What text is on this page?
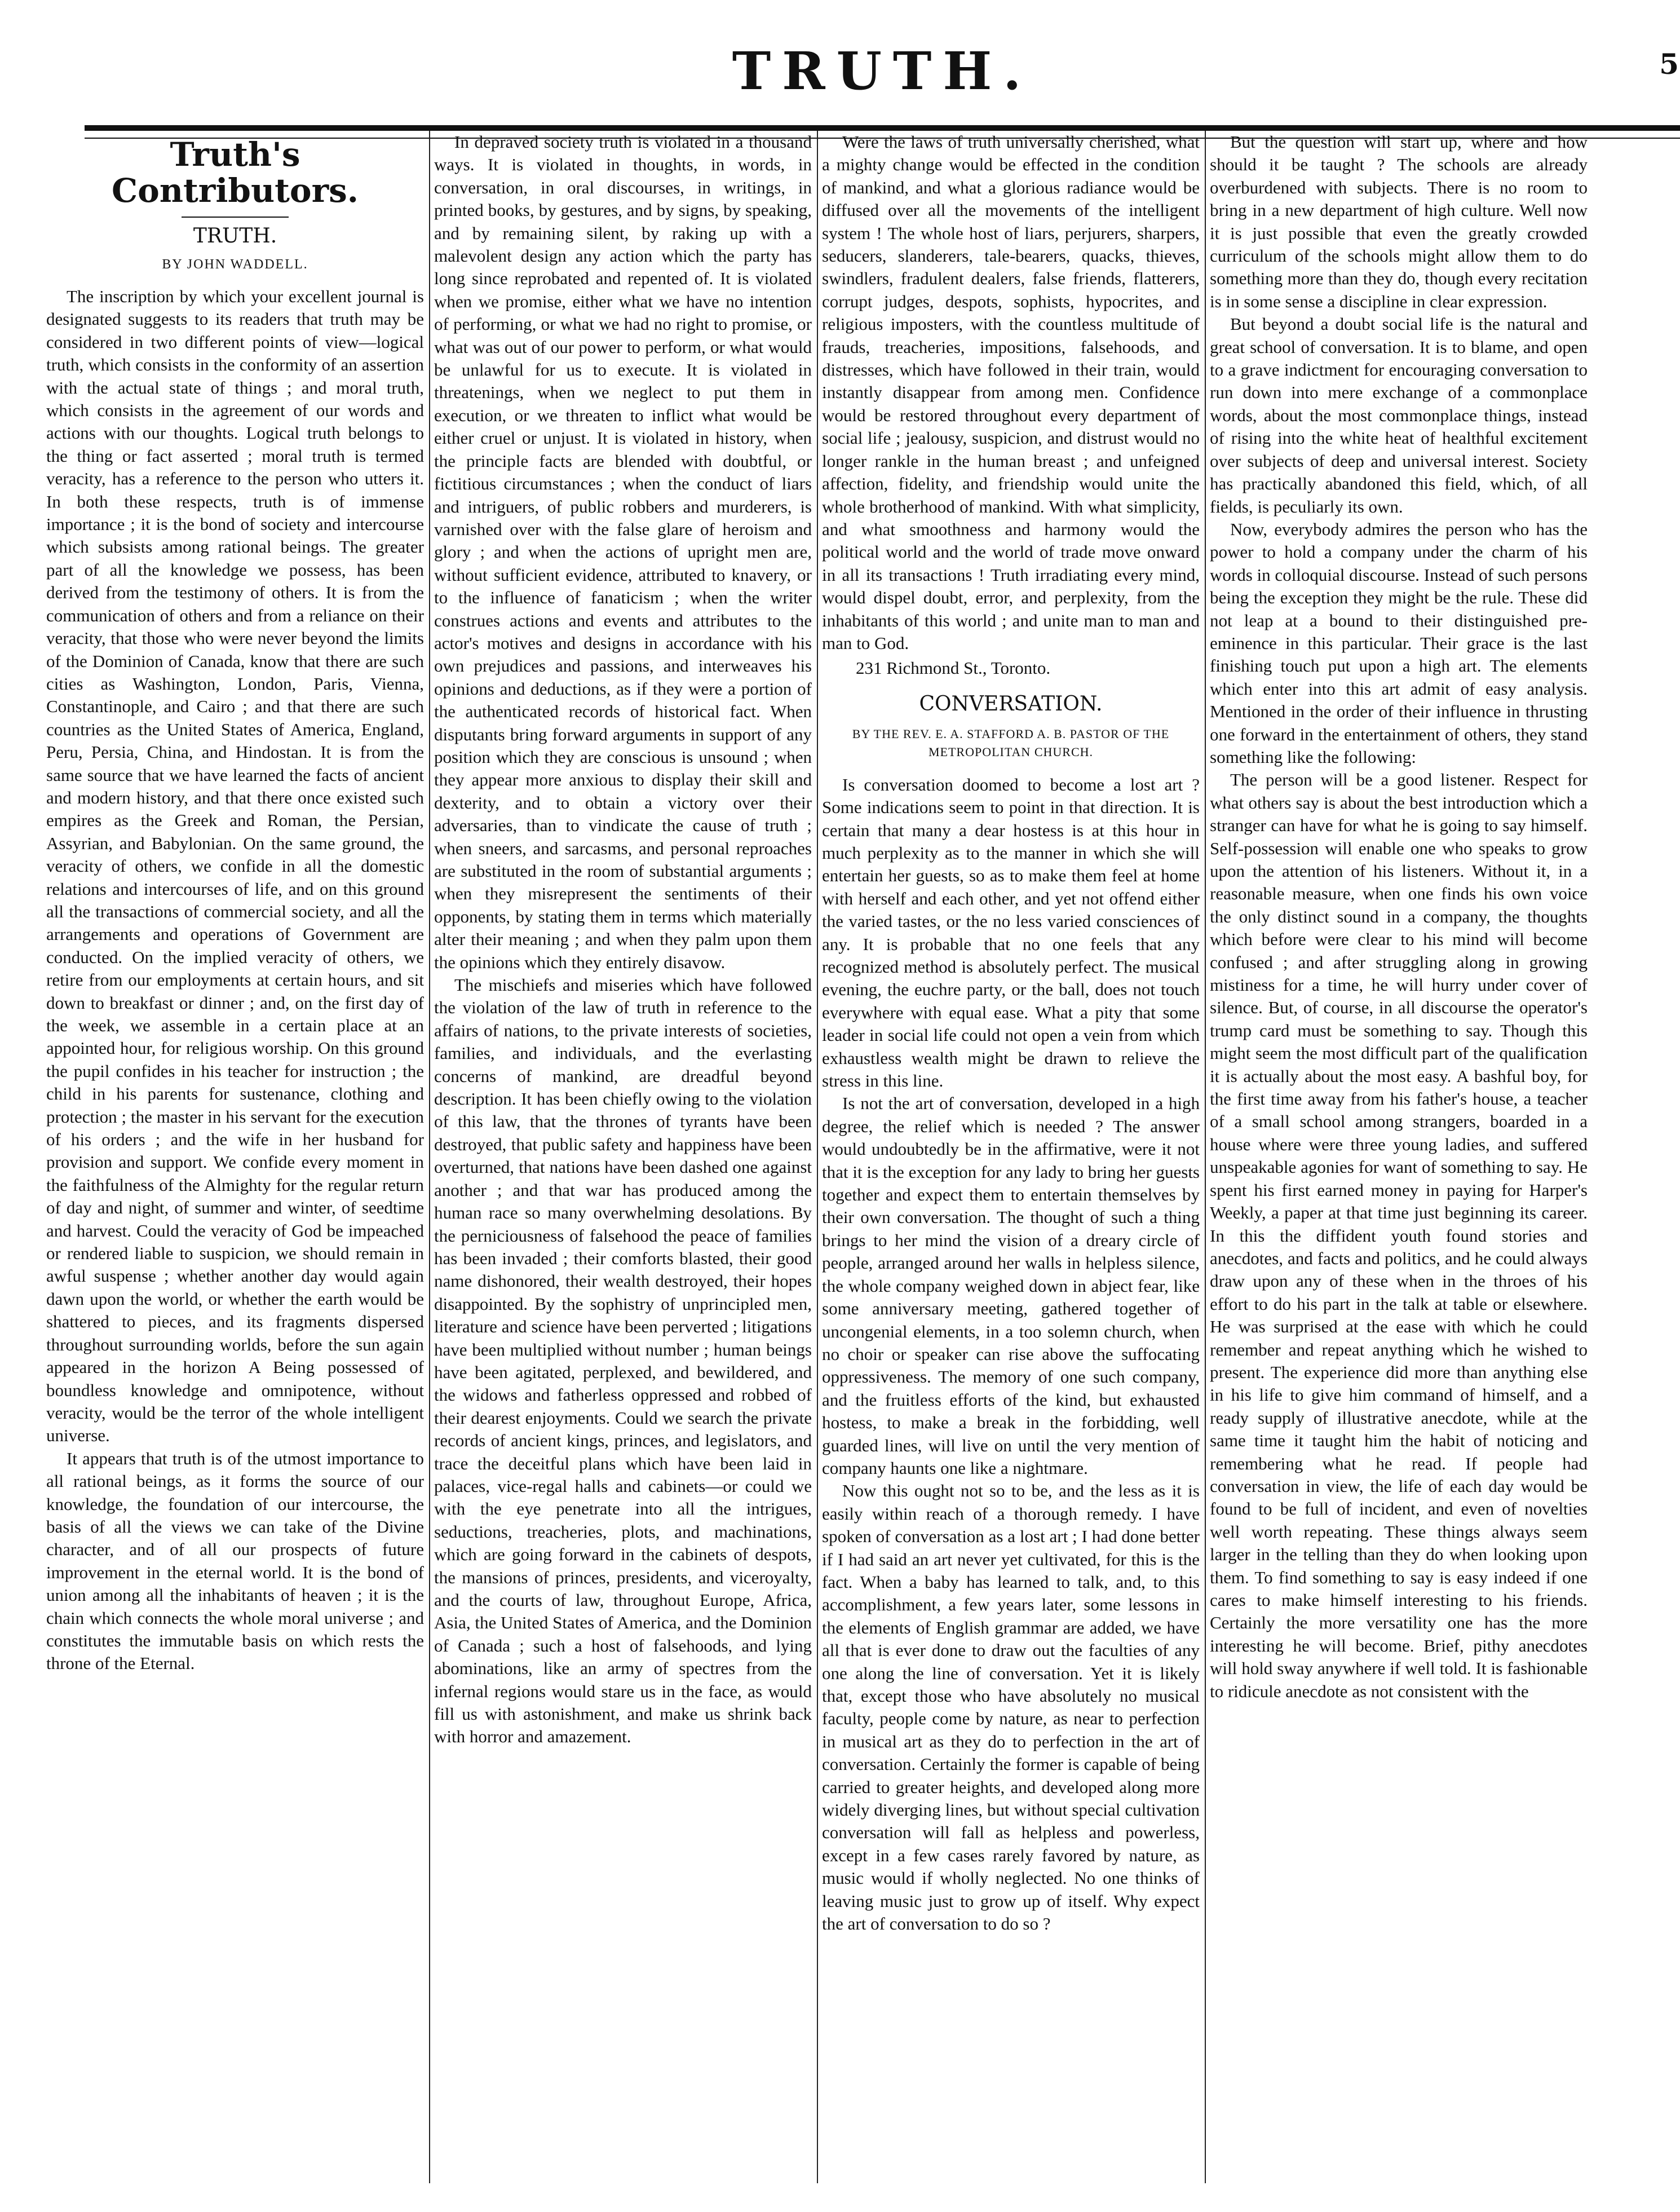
TRUTH.	5
Truth's Contributors.
TRUTH.
BY JOHN WADDELL.

The inscription by which your excellent journal is designated suggests to its readers that truth may be considered in two different points of view—logical truth, which consists in the conformity of an assertion with the actual state of things ; and moral truth, which consists in the agreement of our words and actions with our thoughts. Logical truth belongs to the thing or fact asserted ; moral truth is termed veracity, has a reference to the person who utters it. In both these respects, truth is of immense importance ; it is the bond of society and intercourse which subsists among rational beings. The greater part of all the knowledge we possess, has been derived from the testimony of others. It is from the communication of others and from a reliance on their veracity, that those who were never beyond the limits of the Dominion of Canada, know that there are such cities as Washington, London, Paris, Vienna, Constantinople, and Cairo ; and that there are such countries as the United States of America, England, Peru, Persia, China, and Hindostan. It is from the same source that we have learned the facts of ancient and modern history, and that there once existed such empires as the Greek and Roman, the Persian, Assyrian, and Babylonian. On the same ground, the veracity of others, we confide in all the domestic relations and intercourses of life, and on this ground all the transactions of commercial society, and all the arrangements and operations of Government are conducted. On the implied veracity of others, we retire from our employments at certain hours, and sit down to breakfast or dinner ; and, on the first day of the week, we assemble in a certain place at an appointed hour, for religious worship. On this ground the pupil confides in his teacher for instruction ; the child in his parents for sustenance, clothing and protection ; the master in his servant for the execution of his orders ; and the wife in her husband for provision and support. We confide every moment in the faithfulness of the Almighty for the regular return of day and night, of summer and winter, of seedtime and harvest. Could the veracity of God be impeached or rendered liable to suspicion, we should remain in awful suspense ; whether another day would again dawn upon the world, or whether the earth would be shattered to pieces, and its fragments dispersed throughout surrounding worlds, before the sun again appeared in the horizon A Being possessed of boundless knowledge and omnipotence, without veracity, would be the terror of the whole intelligent universe.

It appears that truth is of the utmost importance to all rational beings, as it forms the source of our knowledge, the foundation of our intercourse, the basis of all the views we can take of the Divine character, and of all our prospects of future improvement in the eternal world. It is the bond of union among all the inhabitants of heaven ; it is the chain which connects the whole moral universe ; and constitutes the immutable basis on which rests the throne of the Eternal.

In depraved society truth is violated in a thousand ways. It is violated in thoughts, in words, in conversation, in oral discourses, in writings, in printed books, by gestures, and by signs, by speaking, and by remaining silent, by raking up with a malevolent design any action which the party has long since reprobated and repented of. It is violated when we promise, either what we have no intention of performing, or what we had no right to promise, or what was out of our power to perform, or what would be unlawful for us to execute. It is violated in threatenings, when we neglect to put them in execution, or we threaten to inflict what would be either cruel or unjust. It is violated in history, when the principle facts are blended with doubtful, or fictitious circumstances ; when the conduct of liars and intriguers, of public robbers and murderers, is varnished over with the false glare of heroism and glory ; and when the actions of upright men are, without sufficient evidence, attributed to knavery, or to the influence of fanaticism ; when the writer construes actions and events and attributes to the actor's motives and designs in accordance with his own prejudices and passions, and interweaves his opinions and deductions, as if they were a portion of the authenticated records of historical fact. When disputants bring forward arguments in support of any position which they are conscious is unsound ; when they appear more anxious to display their skill and dexterity, and to obtain a victory over their adversaries, than to vindicate the cause of truth ; when sneers, and sarcasms, and personal reproaches are substituted in the room of substantial arguments ; when they misrepresent the sentiments of their opponents, by stating them in terms which materially alter their meaning ; and when they palm upon them the opinions which they entirely disavow.

The mischiefs and miseries which have followed the violation of the law of truth in reference to the affairs of nations, to the private interests of societies, families, and individuals, and the everlasting concerns of mankind, are dreadful beyond description. It has been chiefly owing to the violation of this law, that the thrones of tyrants have been destroyed, that public safety and happiness have been overturned, that nations have been dashed one against another ; and that war has produced among the human race so many overwhelming desolations. By the perniciousness of falsehood the peace of families has been invaded ; their comforts blasted, their good name dishonored, their wealth destroyed, their hopes disappointed. By the sophistry of unprincipled men, literature and science have been perverted ; litigations have been multiplied without number ; human beings have been agitated, perplexed, and bewildered, and the widows and fatherless oppressed and robbed of their dearest enjoyments. Could we search the private records of ancient kings, princes, and legislators, and trace the deceitful plans which have been laid in palaces, vice-regal halls and cabinets—or could we with the eye penetrate into all the intrigues, seductions, treacheries, plots, and machinations, which are going forward in the cabinets of despots, the mansions of princes, presidents, and viceroyalty, and the courts of law, throughout Europe, Africa, Asia, the United States of America, and the Dominion of Canada ; such a host of falsehoods, and lying abominations, like an army of spectres from the infernal regions would stare us in the face, as would fill us with astonishment, and make us shrink back with horror and amazement.

Were the laws of truth universally cherished, what a mighty change would be effected in the condition of mankind, and what a glorious radiance would be diffused over all the movements of the intelligent system ! The whole host of liars, perjurers, sharpers, seducers, slanderers, tale-bearers, quacks, thieves, swindlers, fradulent dealers, false friends, flatterers, corrupt judges, despots, sophists, hypocrites, and religious imposters, with the countless multitude of frauds, treacheries, impositions, falsehoods, and distresses, which have followed in their train, would instantly disappear from among men. Confidence would be restored throughout every department of social life ; jealousy, suspicion, and distrust would no longer rankle in the human breast ; and unfeigned affection, fidelity, and friendship would unite the whole brotherhood of mankind. With what simplicity, and what smoothness and harmony would the political world and the world of trade move onward in all its transactions ! Truth irradiating every mind, would dispel doubt, error, and perplexity, from the inhabitants of this world ; and unite man to man and man to God.

231 Richmond St., Toronto.

CONVERSATION.
BY THE REV. E. A. STAFFORD A. B. PASTOR OF THE METROPOLITAN CHURCH.

Is conversation doomed to become a lost art ? Some indications seem to point in that direction. It is certain that many a dear hostess is at this hour in much perplexity as to the manner in which she will entertain her guests, so as to make them feel at home with herself and each other, and yet not offend either the varied tastes, or the no less varied consciences of any. It is probable that no one feels that any recognized method is absolutely perfect. The musical evening, the euchre party, or the ball, does not touch everywhere with equal ease. What a pity that some leader in social life could not open a vein from which exhaustless wealth might be drawn to relieve the stress in this line.

Is not the art of conversation, developed in a high degree, the relief which is needed ? The answer would undoubtedly be in the affirmative, were it not that it is the exception for any lady to bring her guests together and expect them to entertain themselves by their own conversation. The thought of such a thing brings to her mind the vision of a dreary circle of people, arranged around her walls in helpless silence, the whole company weighed down in abject fear, like some anniversary meeting, gathered together of uncongenial elements, in a too solemn church, when no choir or speaker can rise above the suffocating oppressiveness. The memory of one such company, and the fruitless efforts of the kind, but exhausted hostess, to make a break in the forbidding, well guarded lines, will live on until the very mention of company haunts one like a nightmare.

Now this ought not so to be, and the less as it is easily within reach of a thorough remedy. I have spoken of conversation as a lost art ; I had done better if I had said an art never yet cultivated, for this is the fact. When a baby has learned to talk, and, to this accomplishment, a few years later, some lessons in the elements of English grammar are added, we have all that is ever done to draw out the faculties of any one along the line of conversation. Yet it is likely that, except those who have absolutely no musical faculty, people come by nature, as near to perfection in musical art as they do to perfection in the art of conversation. Certainly the former is capable of being carried to greater heights, and developed along more widely diverging lines, but without special cultivation conversation will fall as helpless and powerless, except in a few cases rarely favored by nature, as music would if wholly neglected. No one thinks of leaving music just to grow up of itself. Why expect the art of conversation to do so ?

But the question will start up, where and how should it be taught ? The schools are already overburdened with subjects. There is no room to bring in a new department of high culture. Well now it is just possible that even the greatly crowded curriculum of the schools might allow them to do something more than they do, though every recitation is in some sense a discipline in clear expression.

But beyond a doubt social life is the natural and great school of conversation. It is to blame, and open to a grave indictment for encouraging conversation to run down into mere exchange of a commonplace words, about the most commonplace things, instead of rising into the white heat of healthful excitement over subjects of deep and universal interest. Society has practically abandoned this field, which, of all fields, is peculiarly its own.

Now, everybody admires the person who has the power to hold a company under the charm of his words in colloquial discourse. Instead of such persons being the exception they might be the rule. These did not leap at a bound to their distinguished pre-eminence in this particular. Their grace is the last finishing touch put upon a high art. The elements which enter into this art admit of easy analysis. Mentioned in the order of their influence in thrusting one forward in the entertainment of others, they stand something like the following:

The person will be a good listener. Respect for what others say is about the best introduction which a stranger can have for what he is going to say himself. Self-possession will enable one who speaks to grow upon the attention of his listeners. Without it, in a reasonable measure, when one finds his own voice the only distinct sound in a company, the thoughts which before were clear to his mind will become confused ; and after struggling along in growing mistiness for a time, he will hurry under cover of silence. But, of course, in all discourse the operator's trump card must be something to say. Though this might seem the most difficult part of the qualification it is actually about the most easy. A bashful boy, for the first time away from his father's house, a teacher of a small school among strangers, boarded in a house where were three young ladies, and suffered unspeakable agonies for want of something to say. He spent his first earned money in paying for Harper's Weekly, a paper at that time just beginning its career. In this the diffident youth found stories and anecdotes, and facts and politics, and he could always draw upon any of these when in the throes of his effort to do his part in the talk at table or elsewhere. He was surprised at the ease with which he could remember and repeat anything which he wished to present. The experience did more than anything else in his life to give him command of himself, and a ready supply of illustrative anecdote, while at the same time it taught him the habit of noticing and remembering what he read. If people had conversation in view, the life of each day would be found to be full of incident, and even of novelties well worth repeating. These things always seem larger in the telling than they do when looking upon them. To find something to say is easy indeed if one cares to make himself interesting to his friends. Certainly the more versatility one has the more interesting he will become. Brief, pithy anecdotes will hold sway anywhere if well told. It is fashionable to ridicule anecdote as not consistent with the
